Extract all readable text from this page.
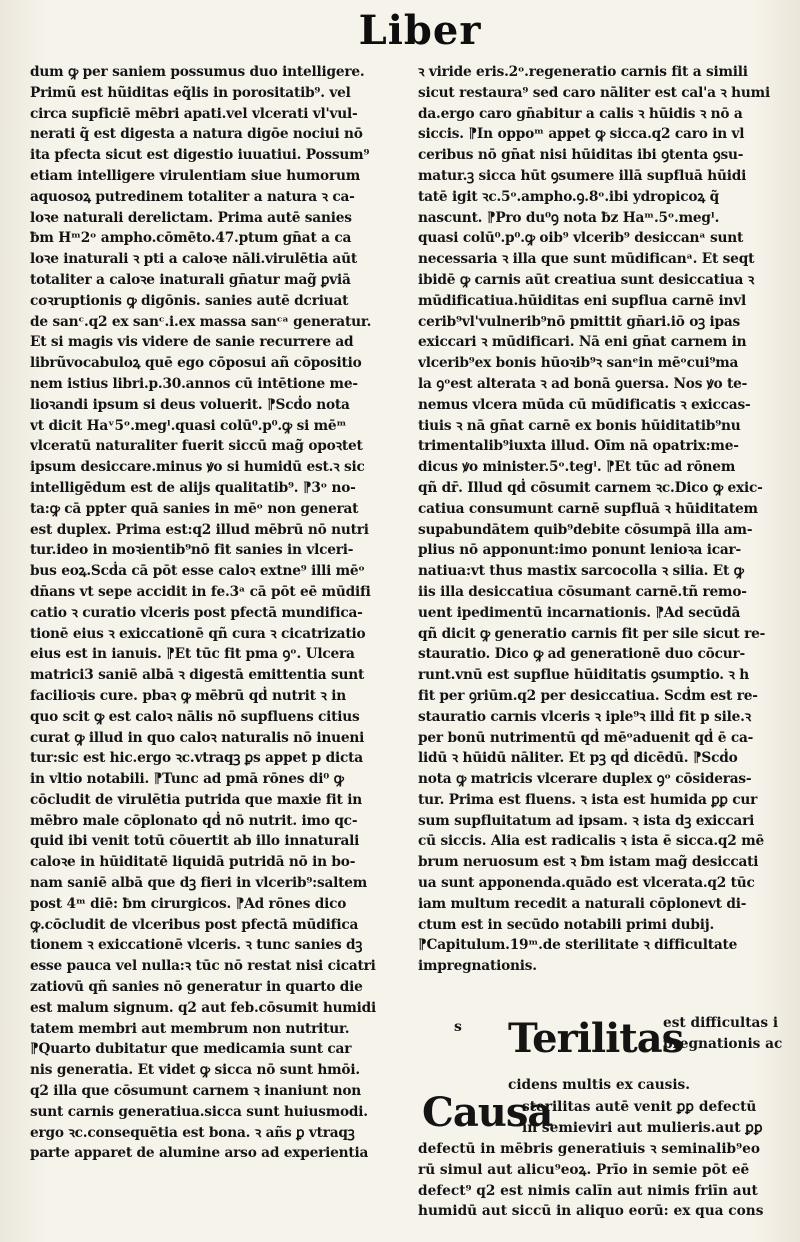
Liber
dum ꝙ per saniem possumus duo intelligere.
Primũ est hũiditas eq̃lis in porositatib⁹. vel
circa supficiē mēbri apati.vel vlcerati vl'vul-
nerati q̃ est digesta a natura digōe nociui nō
ita pfecta sicut est digestio iuuatiui. Possum⁹
etiam intelligere virulentiam siue humorum
aquosoꝝ putredinem totaliter a natura ꝛ ca-
loꝛe naturali derelictam. Prima autē sanies
ƀm Hᵐ2ᵒ ampho.cōmēto.47.ptum gn̄at a ca
loꝛe inaturali ꝛ pti a caloꝛe nāli.virulētia aūt
totaliter a caloꝛe inaturali gn̄atur mag̃ ꝑviā
coꝛruptionis ꝙ digōnis. sanies autē dcriuat
de sanᶜ.q2 ex sanᶜ.i.ex massa sanᶜᵃ generatur.
Et si magis vis videre de sanie recurrere ad
librũvocabuloꝝ quē ego cōposui añ cōpositio
nem istius libri.p.30.annos cū intētione me-
lioꝛandi ipsum si deus voluerit. ⁋Scḋo nota
vt dicit Haᵛ5ᵒ.megˡ.quasi colū⁰.p⁰.ꝙ si mēᵐ
vlceratū naturaliter fuerit siccū mag̃ opoꝛtet
ipsum desiccare.minus ꝟo si humidū est.ꝛ sic
intelligēdum est de alijs qualitatib⁹. ⁋3ᵒ no-
ta:ꝙ cā ppter quā sanies in mēᵒ non generat
est duplex. Prima est:q2 illud mēbrū nō nutri
tur.ideo in moꝛientib⁹nō fit sanies in vlceri-
bus eoꝝ.Scḋa cā pōt esse caloꝛ extne⁹ illi mēᵒ
dn̄ans vt sepe accidit in fe.3ᵃ cā pōt eē mūdifi
catio ꝛ curatio vlceris post pfectā mundifica-
tionē eius ꝛ exiccationē qñ cura ꝛ cicatrizatio
eius est in ianuis. ⁋Et tūc fit pma ꝯᵒ. Ulcera
matrici3 saniē albā ꝛ digestā emittentia sunt
facilioꝛis cure. pbaꝛ ꝙ mēbrū qḋ nutrit ꝛ in
quo scit ꝙ est caloꝛ nālis nō supfluens citius
curat ꝙ illud in quo caloꝛ naturalis nō inueni
tur:sic est hic.ergo ꝛc.vtraqꝫ ꝑs appet p dicta
in vltio notabili. ⁋Tunc ad pmā rōnes di⁰ ꝙ
cōcludit de virulētia putrida que maxie fit in
mēbro male cōplonato qḋ nō nutrit. imo qc-
quid ibi venit totū cōuertit ab illo innaturali
caloꝛe in hūiditatē liquidā putridā nō in bo-
nam saniē albā que dꝫ fieri in vlcerib⁹:saltem
post 4ᵐ diē: ƀm cirurgicos. ⁋Ad rōnes dico
ꝙ.cōcludit de vlceribus post pfectā mūdifica
tionem ꝛ exiccationē vlceris. ꝛ tunc sanies dꝫ
esse pauca vel nulla:ꝛ tūc nō restat nisi cicatri
zatiovū qñ sanies nō generatur in quarto die
est malum signum. q2 aut feb.cōsumit humidi
tatem membri aut membrum non nutritur.
⁋Quarto dubitatur que medicamia sunt car
nis generatia. Et videt ꝙ sicca nō sunt hmōi.
q2 illa que cōsumunt carnem ꝛ inaniunt non
sunt carnis generatiua.sicca sunt huiusmodi.
ergo ꝛc.consequētia est bona. ꝛ añs ꝑ vtraqꝫ
parte apparet de alumine arso ad experientia
ꝛ viride eris.2ᵒ.regeneratio carnis fit a simili
sicut restaura⁹ sed caro nāliter est cal'a ꝛ humi
da.ergo caro gn̄abitur a calis ꝛ hūidis ꝛ nō a
siccis. ⁋In oppoᵐ appet ꝙ sicca.q2 caro in vl
ceribus nō gn̄at nisi hūiditas ibi ꝯtenta ꝯsu-
matur.ꝫ sicca hūt ꝯsumere illā supfluā hūidi
tatē igit ꝛc.5ᵒ.ampho.ꝯ.8ᵒ.ibi ydropicoꝝ q̃
nascunt. ⁋Pro du⁰ꝯ nota ƀz Haᵐ.5ᵒ.megˡ.
quasi colū⁰.p⁰.ꝙ oib⁹ vlcerib⁹ desiccanᵃ sunt
necessaria ꝛ illa que sunt mūdificanᵃ. Et seqt
ibidē ꝙ carnis aūt creatiua sunt desiccatiua ꝛ
mūdificatiua.hūiditas eni supflua carnē invl
cerib⁹vl'vulnerib⁹nō pmittit gn̄ari.iō oꝫ ipas
exiccari ꝛ mūdificari. Nā eni gn̄at carnem in
vlcerib⁹ex bonis hūoꝛib⁹ꝛ sanᵉin mēᵒcui⁹ma
la ꝯᵒest alterata ꝛ ad bonā ꝯuersa. Nos ꝟo te-
nemus vlcera mūda cū mūdificatis ꝛ exiccas-
tiuis ꝛ nā gn̄at carnē ex bonis hūiditatib⁹nu
trimentalib⁹iuxta illud. Oīm nā opatrix:me-
dicus ꝟo minister.5ᵒ.tegˡ. ⁋Et tūc ad rōnem
qñ dr̄. Illud qḋ cōsumit carnem ꝛc.Dico ꝙ exic-
catiua consumunt carnē supfluā ꝛ hūiditatem
supabundātem quib⁹debite cōsumpā illa am-
plius nō apponunt:imo ponunt lenioꝛa icar-
natiua:vt thus mastix sarcocolla ꝛ silia. Et ꝙ
iis illa desiccatiua cōsumant carnē.tñ remo-
uent ipedimentū incarnationis. ⁋Ad secūdā
qñ dicit ꝙ generatio carnis fit per sile sicut re-
stauratio. Dico ꝙ ad generationē duo cōcur-
runt.vnū est supflue hūiditatis ꝯsumptio. ꝛ h
fit per ꝯriūm.q2 per desiccatiua. Scḋm est re-
stauratio carnis vlceris ꝛ iple⁹ꝛ illḋ fit p sile.ꝛ
per bonū nutrimentū qḋ mēᵒaduenit qḋ ē ca-
lidū ꝛ hūidū nāliter. Et pꝫ qḋ dicēdū. ⁋Scḋo
nota ꝙ matricis vlcerare duplex ꝯᵒ cōsideras-
tur. Prima est fluens. ꝛ ista est humida ꝑꝑ cur
sum supfluitatum ad ipsam. ꝛ ista dꝫ exiccari
cū siccis. Alia est radicalis ꝛ ista ē sicca.q2 mē
brum neruosum est ꝛ ƀm istam mag̃ desiccati
ua sunt apponenda.quādo est vlcerata.q2 tūc
iam multum recedit a naturali cōplonevt di-
ctum est in secūdo notabili primi dubij.
⁋Capitulum.19ᵐ.de sterilitate ꝛ difficultate
impregnationis.
s Terilitas
est difficultas i
pregnationis ac
cidens multis ex causis.
Causa
sterilitas autē venit ꝑꝑ defectū
in semieviri aut mulieris.aut ꝑꝑ
defectū in mēbris generatiuis ꝛ seminalib⁹eo
rū simul aut alicu⁹eoꝝ. Prīo in semie pōt eē
defect⁹ q2 est nimis calīn aut nimis friīn aut
humidū aut siccū in aliquo eorū: ex qua cons
